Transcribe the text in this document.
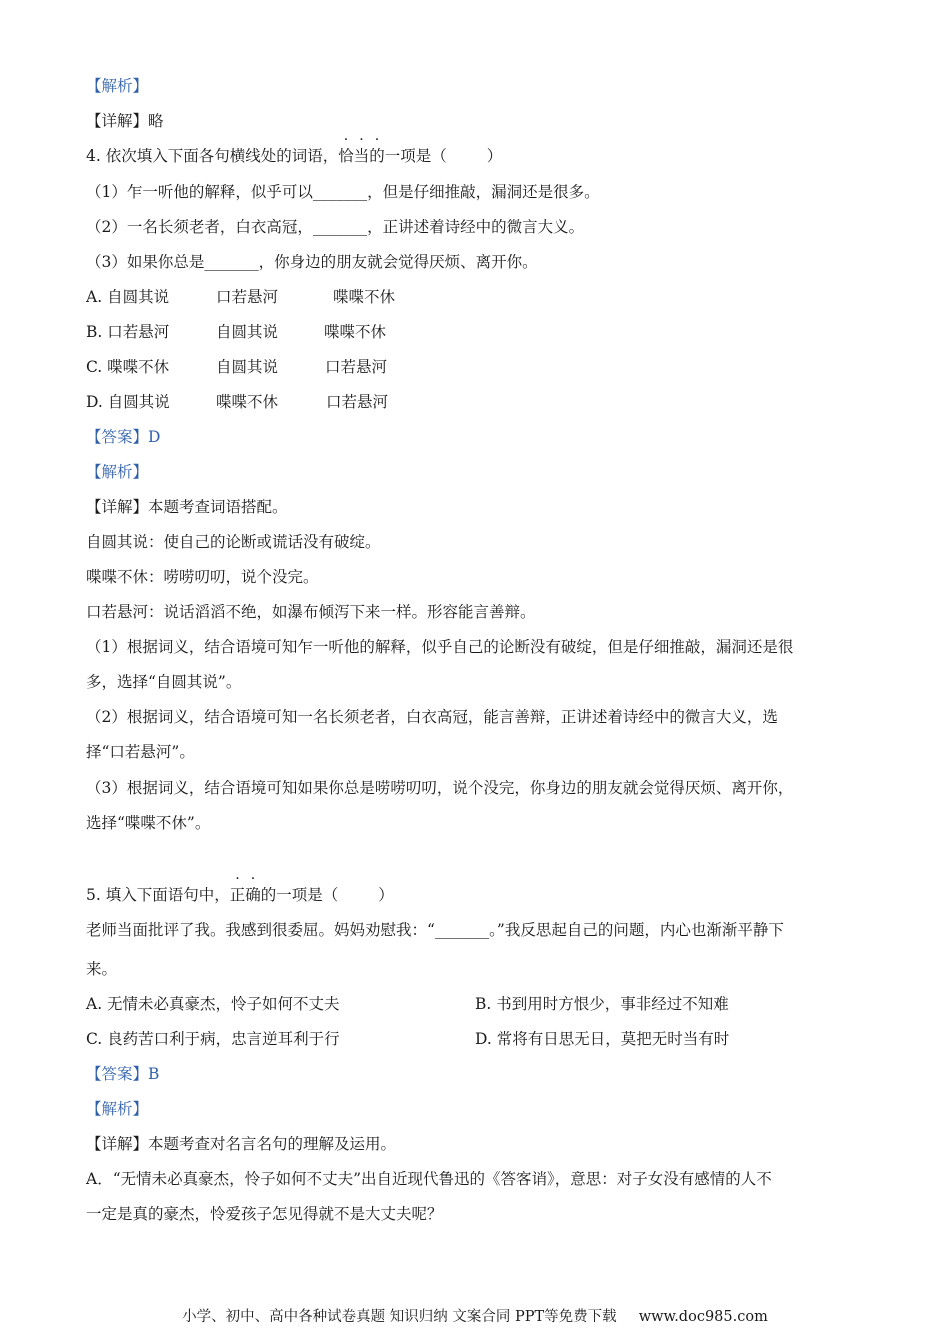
【解析】
【详解】略
4. 依次填入下面各句横线处的词语，恰当的一项是（	）
（1）乍一听他的解释，似乎可以_______，但是仔细推敲，漏洞还是很多。
（2）一名长须老者，白衣高冠，_______，正讲述着诗经中的微言大义。
（3）如果你总是_______，你身边的朋友就会觉得厌烦、离开你。
A. 自圆其说	口若悬河	喋喋不休
B. 口若悬河	自圆其说	喋喋不休
C. 喋喋不休	自圆其说	口若悬河
D. 自圆其说	喋喋不休	口若悬河
【答案】D
【解析】
【详解】本题考查词语搭配。
自圆其说：使自己的论断或谎话没有破绽。
喋喋不休：唠唠叨叨，说个没完。
口若悬河：说话滔滔不绝，如瀑布倾泻下来一样。形容能言善辩。
（1）根据词义，结合语境可知乍一听他的解释，似乎自己的论断没有破绽，但是仔细推敲，漏洞还是很
多，选择“自圆其说”。
（2）根据词义，结合语境可知一名长须老者，白衣高冠，能言善辩，正讲述着诗经中的微言大义，选
择“口若悬河”。
（3）根据词义，结合语境可知如果你总是唠唠叨叨，说个没完，你身边的朋友就会觉得厌烦、离开你，
选择“喋喋不休”。
5. 填入下面语句中，正确的一项是（	）
老师当面批评了我。我感到很委屈。妈妈劝慰我：“_______。”我反思起自己的问题，内心也渐渐平静下
来。
A. 无情未必真豪杰，怜子如何不丈夫	B. 书到用时方恨少，事非经过不知难
C. 良药苦口利于病，忠言逆耳利于行	D. 常将有日思无日，莫把无时当有时
【答案】B
【解析】
【详解】本题考查对名言名句的理解及运用。
A．“无情未必真豪杰，怜子如何不丈夫”出自近现代鲁迅的《答客诮》，意思：对子女没有感情的人不
一定是真的豪杰，怜爱孩子怎见得就不是大丈夫呢？
小学、初中、高中各种试卷真题 知识归纳 文案合同 PPT等免费下载 www.doc985.com
